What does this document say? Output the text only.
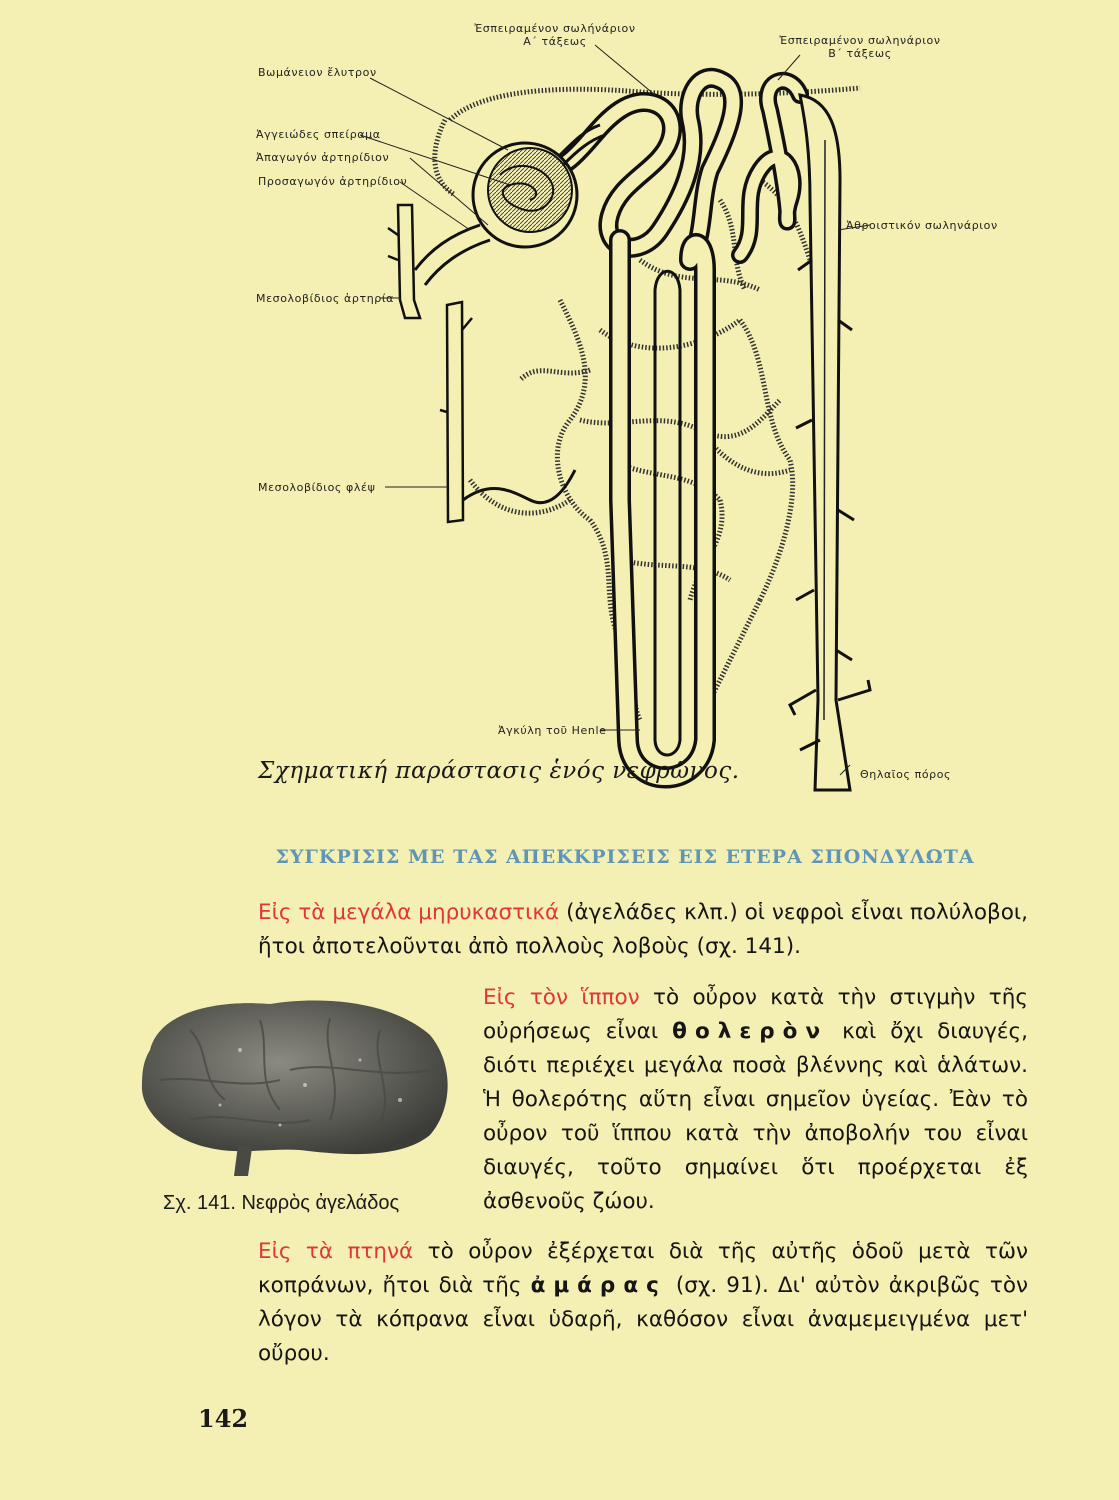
Βωμάνειον ἔλυτρον
Ἐσπειραμένον σωλήνάριον
Α΄ τάξεως	Ἐσπειραμένον σωληνάριον
Β΄ τάξεως
Ἀγγειώδες σπείραμα
Ἀπαγωγόν ἀρτηρίδιον
Προσαγωγόν ἀρτηρίδιον
Ἀθροιστικόν σωληνάριον
Μεσολοβίδιος ἀρτηρία
Μεσολοβίδιος φλέψ
Ἀγκύλη τοῦ Henle
Θηλαῖος πόρος
Σχηματική παράστασις ἑνός νεφρῶνος.
ΣΥΓΚΡΙΣΙΣ ΜΕ ΤΑΣ ΑΠΕΚΚΡΙΣΕΙΣ ΕΙΣ ΕΤΕΡΑ ΣΠΟΝΔΥΛΩΤΑ
Εἰς τὰ μεγάλα μηρυκαστικά (ἀγελάδες κλπ.) οἱ νεφροὶ εἶναι πολύλοβοι, ἤτοι ἀποτελοῦνται ἀπὸ πολλοὺς λοβοὺς (σχ. 141).
Εἰς τὸν ἵππον τὸ οὖρον κατὰ τὴν στιγμὴν τῆς οὐρήσεως εἶναι θολερὸν καὶ ὄχι διαυγές, διότι περιέχει μεγάλα ποσὰ βλέννης καὶ ἁλάτων. Ἡ θολερότης αὕτη εἶναι σημεῖον ὑγείας. Ἐὰν τὸ οὖρον τοῦ ἵππου κατὰ τὴν ἀποβολήν του εἶναι διαυγές, τοῦτο σημαίνει ὅτι προέρχεται ἐξ ἀσθενοῦς ζώου.
Σχ. 141. Νεφρὸς ἀγελάδος
Εἰς τὰ πτηνά τὸ οὖρον ἐξέρχεται διὰ τῆς αὐτῆς ὁδοῦ μετὰ τῶν κοπράνων, ἤτοι διὰ τῆς ἀμάρας (σχ. 91). Δι' αὐτὸν ἀκριβῶς τὸν λόγον τὰ κόπρανα εἶναι ὑδαρῆ, καθόσον εἶναι ἀναμεμειγμένα μετ' οὔρου.
142
